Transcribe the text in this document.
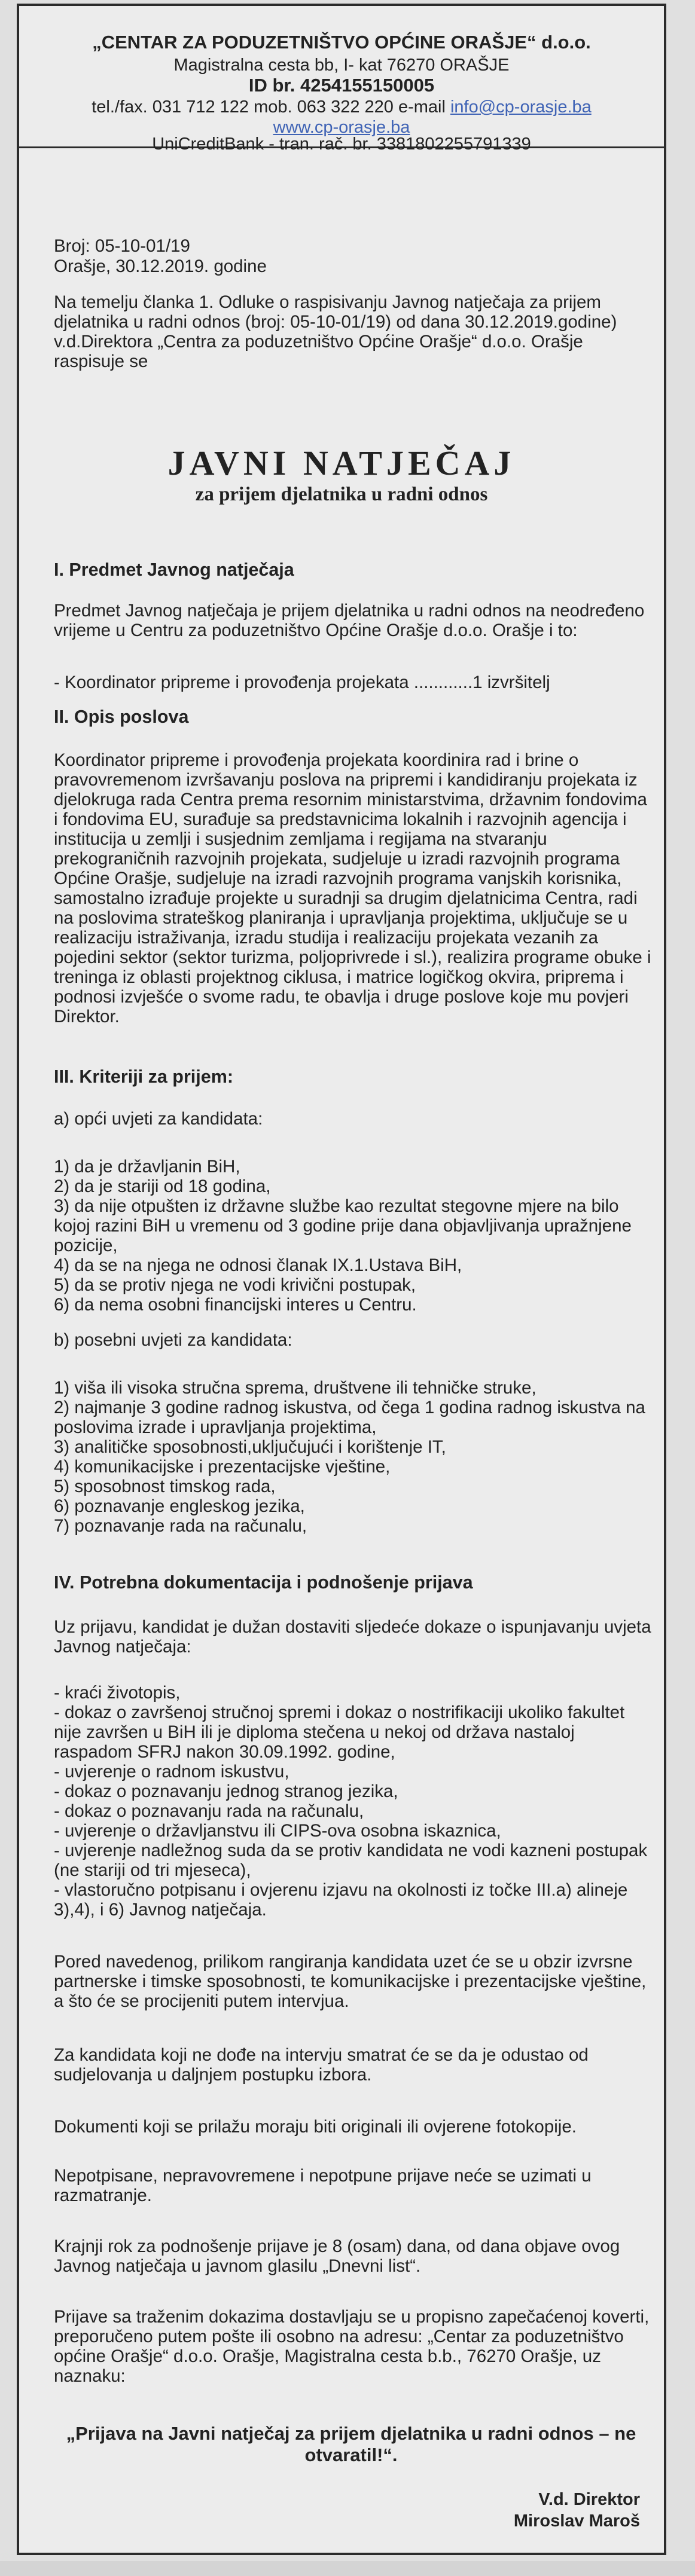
„CENTAR ZA PODUZETNIŠTVO OPĆINE ORAŠJE“ d.o.o.
Magistralna cesta bb, I- kat 76270 ORAŠJE
ID br. 4254155150005
tel./fax. 031 712 122 mob. 063 322 220 e-mail info@cp-orasje.ba
www.cp-orasje.ba
UniCreditBank - tran. rač. br. 3381802255791339

Broj: 05-10-01/19

Orašje, 30.12.2019. godine

Na temelju članka 1. Odluke o raspisivanju Javnog natječaja za prijem djelatnika u radni odnos (broj: 05-10-01/19) od dana 30.12.2019.godine) v.d.Direktora „Centra za poduzetništvo Općine Orašje“ d.o.o. Orašje raspisuje se

JAVNI NATJEČAJ
za prijem djelatnika u radni odnos

I. Predmet Javnog natječaja

Predmet Javnog natječaja je prijem djelatnika u radni odnos na neodređeno vrijeme u Centru za poduzetništvo Općine Orašje d.o.o. Orašje i to:

- Koordinator pripreme i provođenja projekata ............1 izvršitelj

II. Opis poslova

Koordinator pripreme i provođenja projekata koordinira rad i brine o pravovremenom izvršavanju poslova na pripremi i kandidiranju projekata iz djelokruga rada Centra prema resornim ministarstvima, državnim fondovima i fondovima EU, surađuje sa predstavnicima lokalnih i razvojnih agencija i institucija u zemlji i susjednim zemljama i regijama na stvaranju prekograničnih razvojnih projekata, sudjeluje u izradi razvojnih programa Općine Orašje, sudjeluje na izradi razvojnih programa vanjskih korisnika, samostalno izrađuje projekte u suradnji sa drugim djelatnicima Centra, radi na poslovima strateškog planiranja i upravljanja projektima, uključuje se u realizaciju istraživanja, izradu studija i realizaciju projekata vezanih za pojedini sektor (sektor turizma, poljoprivrede i sl.), realizira programe obuke i treninga iz oblasti projektnog ciklusa, i matrice logičkog okvira, priprema i podnosi izvješće o svome radu, te obavlja i druge poslove koje mu povjeri Direktor.

III. Kriteriji za prijem:

a) opći uvjeti za kandidata:

1) da je državljanin BiH,
2) da je stariji od 18 godina,
3) da nije otpušten iz državne službe kao rezultat stegovne mjere na bilo kojoj razini BiH u vremenu od 3 godine prije dana objavljivanja upražnjene pozicije,
4) da se na njega ne odnosi članak IX.1.Ustava BiH,
5) da se protiv njega ne vodi krivični postupak,
6) da nema osobni financijski interes u Centru.

b) posebni uvjeti za kandidata:

1) viša ili visoka stručna sprema, društvene ili tehničke struke,
2) najmanje 3 godine radnog iskustva, od čega 1 godina radnog iskustva na poslovima izrade i upravljanja projektima,
3) analitičke sposobnosti,uključujući i korištenje IT,
4) komunikacijske i prezentacijske vještine,
5) sposobnost timskog rada,
6) poznavanje engleskog jezika,
7) poznavanje rada na računalu,

IV. Potrebna dokumentacija i podnošenje prijava

Uz prijavu, kandidat je dužan dostaviti sljedeće dokaze o ispunjavanju uvjeta Javnog natječaja:

- kraći životopis,
- dokaz o završenoj stručnoj spremi i dokaz o nostrifikaciji ukoliko fakultet nije završen u BiH ili je diploma stečena u nekoj od država nastaloj raspadom SFRJ nakon 30.09.1992. godine,
- uvjerenje o radnom iskustvu,
- dokaz o poznavanju jednog stranog jezika,
- dokaz o poznavanju rada na računalu,
- uvjerenje o državljanstvu ili CIPS-ova osobna iskaznica,
- uvjerenje nadležnog suda da se protiv kandidata ne vodi kazneni postupak (ne stariji od tri mjeseca),
- vlastoručno potpisanu i ovjerenu izjavu na okolnosti iz točke III.a) alineje 3),4), i 6) Javnog natječaja.

Pored navedenog, prilikom rangiranja kandidata uzet će se u obzir izvrsne partnerske i timske sposobnosti, te komunikacijske i prezentacijske vještine, a što će se procijeniti putem intervjua.

Za kandidata koji ne dođe na intervju smatrat će se da je odustao od sudjelovanja u daljnjem postupku izbora.

Dokumenti koji se prilažu moraju biti originali ili ovjerene fotokopije.

Nepotpisane, nepravovremene i nepotpune prijave neće se uzimati u razmatranje.

Krajnji rok za podnošenje prijave je 8 (osam) dana, od dana objave ovog Javnog natječaja u javnom glasilu „Dnevni list“.

Prijave sa traženim dokazima dostavljaju se u propisno zapečaćenoj koverti, preporučeno putem pošte ili osobno na adresu: „Centar za poduzetništvo općine Orašje“ d.o.o. Orašje, Magistralna cesta b.b., 76270 Orašje, uz naznaku:

„Prijava na Javni natječaj za prijem djelatnika u radni odnos – ne otvaratil!“.
V.d. Direktor
Miroslav Maroš
